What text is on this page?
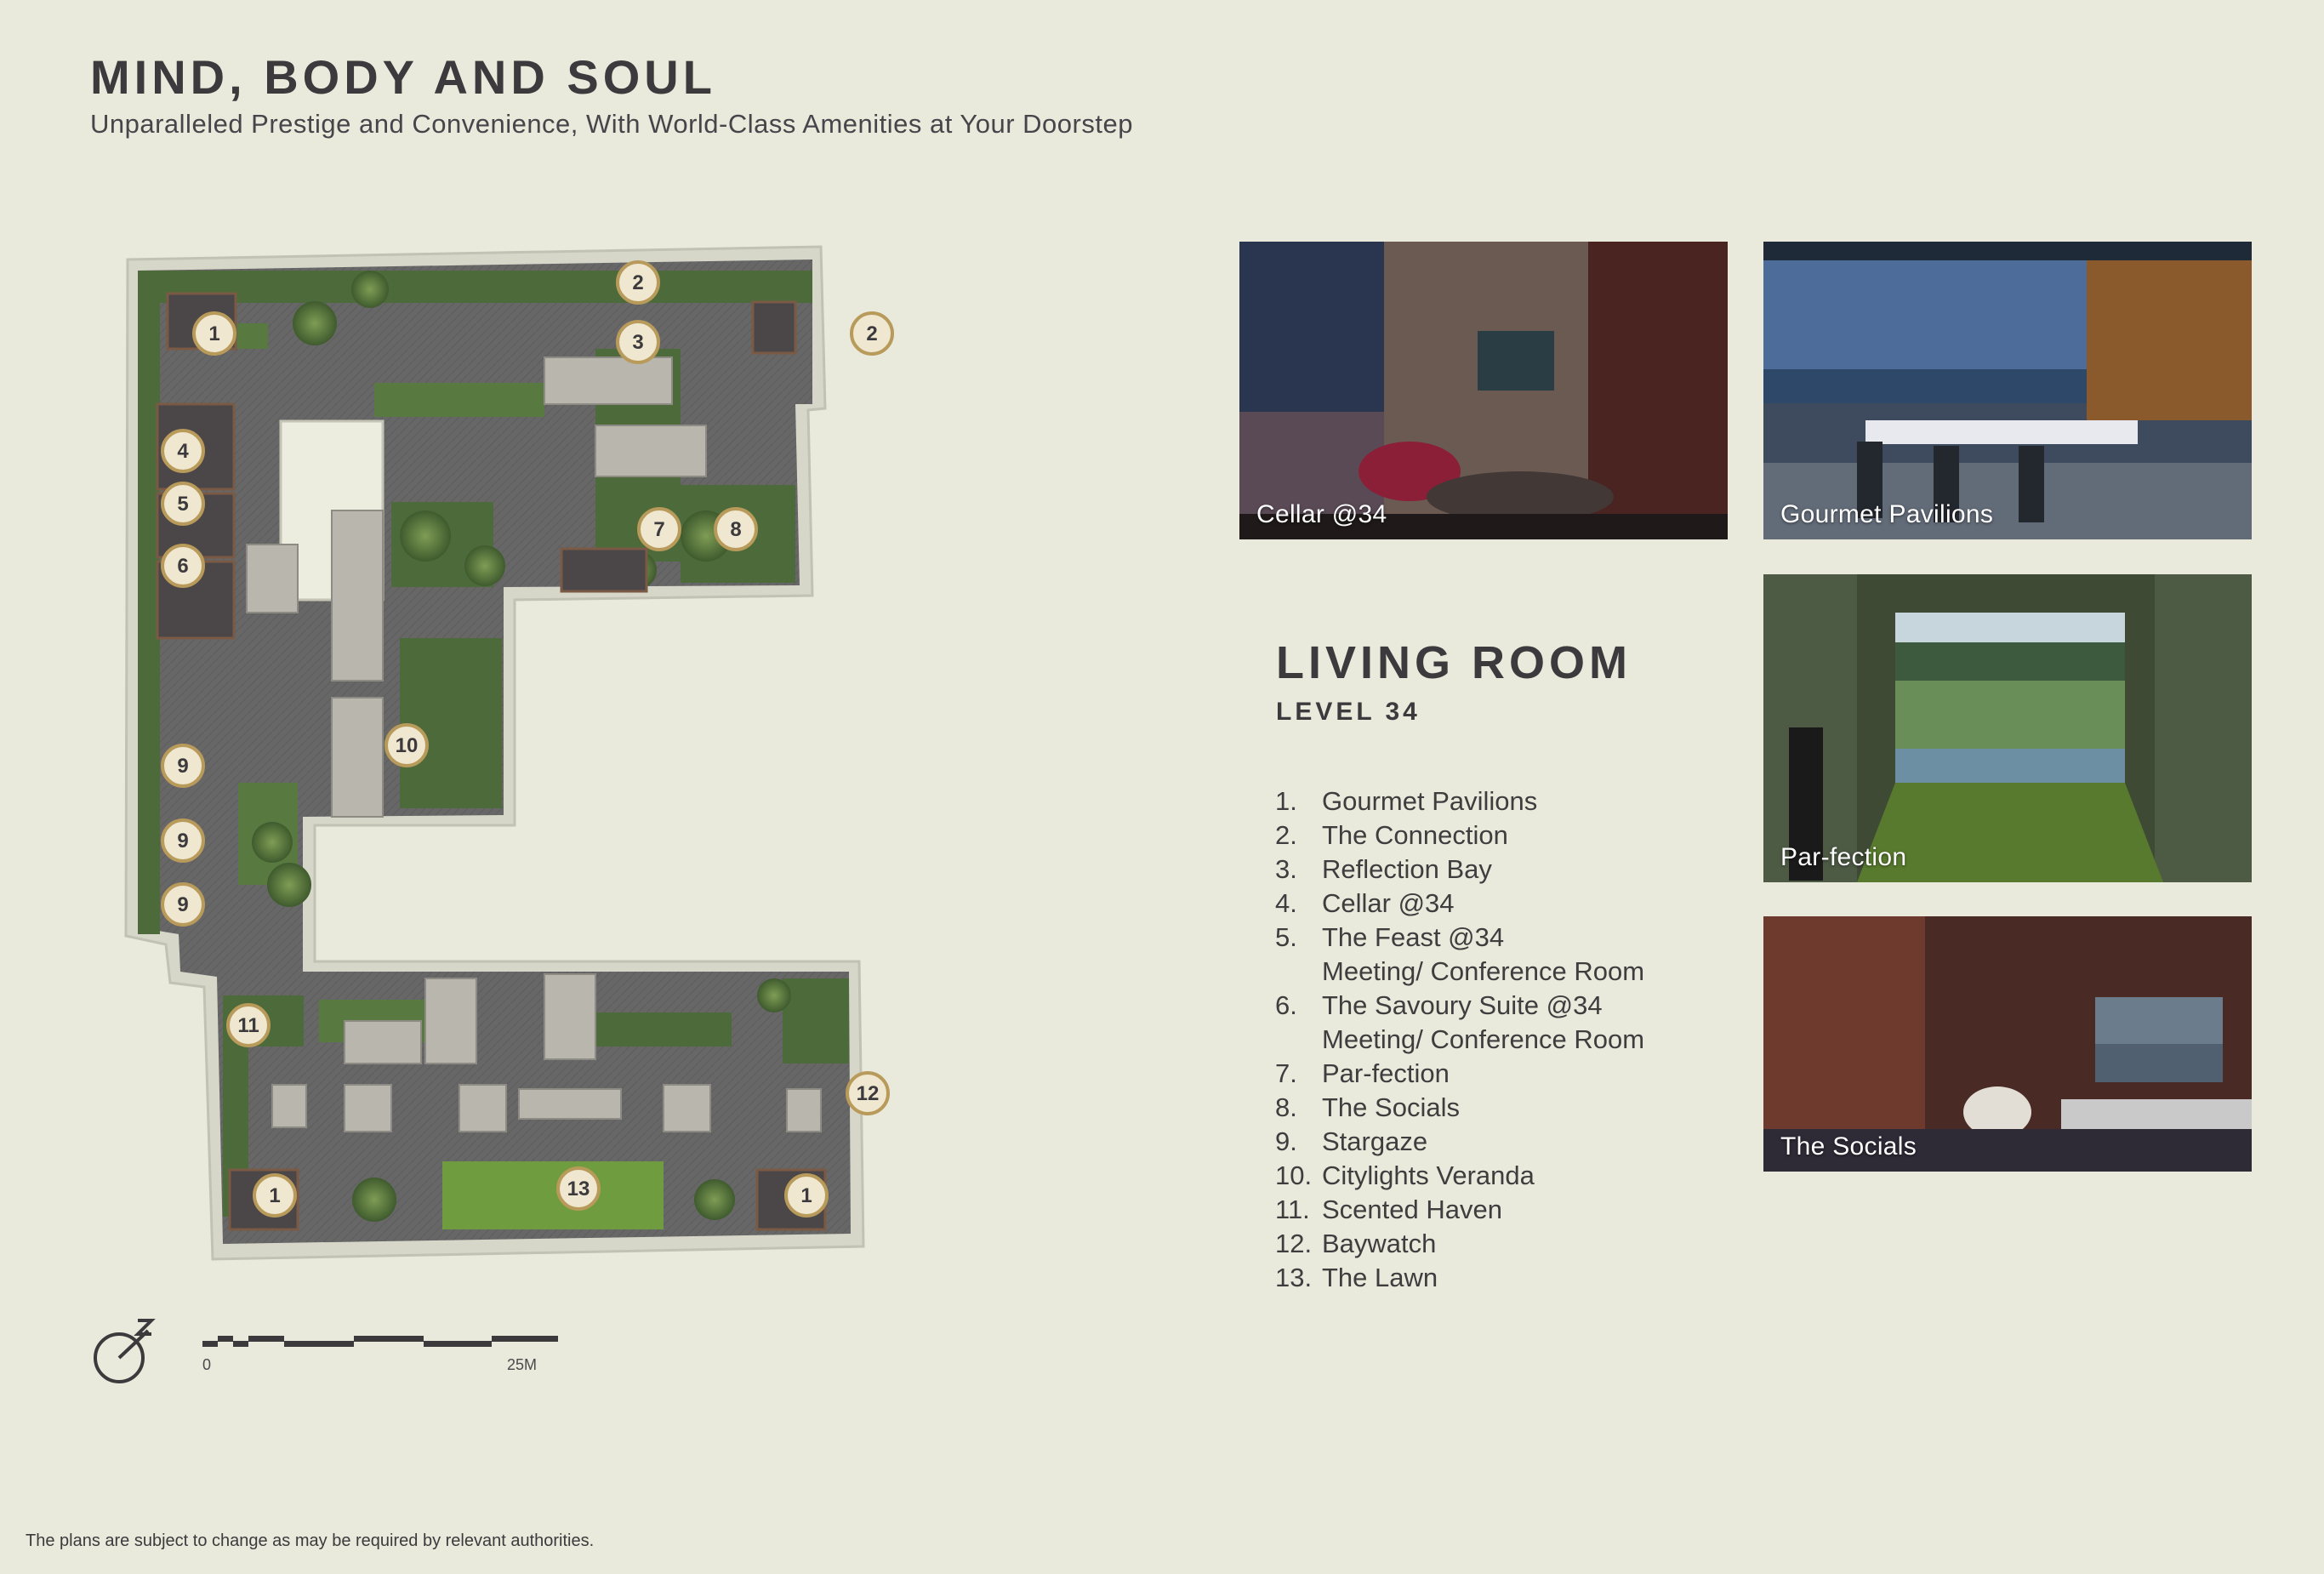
MIND, BODY AND SOUL
Unparalleled Prestige and Convenience, With World-Class Amenities at Your Doorstep
1
2
3	2
4
5
6
7	8
10
9
9
9
11
12
1	13	1
0	25M
Cellar @34	Gourmet Pavilions
Par-fection
The Socials
LIVING ROOM
LEVEL 34
1. Gourmet Pavilions
2. The Connection
3. Reflection Bay
4. Cellar @34
5. The Feast @34
Meeting/ Conference Room
6. The Savoury Suite @34
Meeting/ Conference Room
7. Par-fection
8. The Socials
9. Stargaze
10. Citylights Veranda
11. Scented Haven
12. Baywatch
13. The Lawn
The plans are subject to change as may be required by relevant authorities.
